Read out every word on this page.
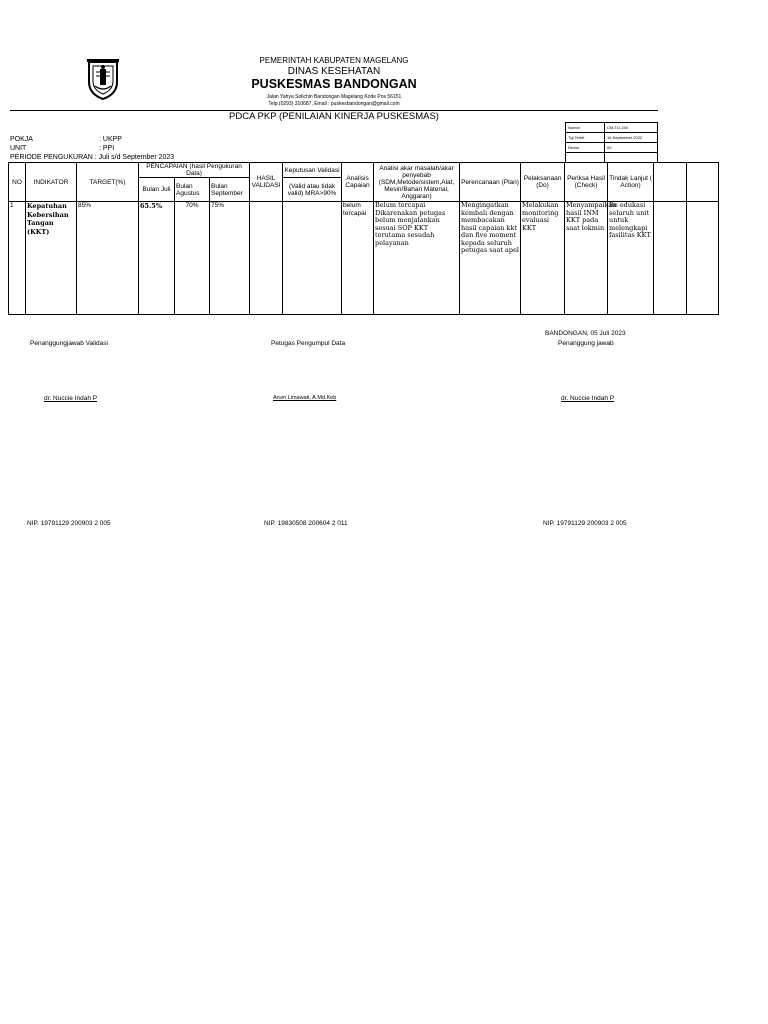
PEMERINTAH KABUPATEN MAGELANG
DINAS KESEHATAN
PUSKESMAS BANDONGAN
Jalan Yahya Solichin Bandongan Magelang Kode Pos 56151
Telp.(0293) 310687, Email : puskesbandongan@gmail.com
PDCA PKP (PENILAIAN KINERJA PUSKESMAS)
Nomor	CM-TU-154
Tgl Terbit	16 September 2022
Revisi	00

POKJA	: UKPP
UNIT	: PPI
PERIODE PENGUKURAN : Juli s/d September 2023
NO	INDIKATOR	TARGET(%)	PENCAPAIAN (hasil Pengukuran Data)			HASIL VALIDASI	Keputusan Validasi	Analisis Capaian	Analisi akar masalah/akar penyebab (SDM,Metode/sistem,Alat, Mesin/Bahan Material, Anggaran)	Perencanaan (Plan)	Pelaksanaan (Do)	Periksa Hasil (Check)	Tindak Lanjut ( Action)		
			Bulan Juli	Bulan Agustus	Bulan September		(Valid atau tidak valid) MRA>90%								
1	Kepatuhan Kebersihan Tangan (KKT)	85%	65.5%	70%	75%			belum tercapai	Belum tercapai Dikarenakan petugas belum menjalankan sesuai SOP KKT terutama sesudah pelayanan	Mengingatkan kembali dengan membacakan hasil capaian kkt dan five moment kepada seluruh petugas saat apel	Melakukan monitoring evaluasi KKT	Menyampaikan hasil INM KKT pada saat lokmin	Re edukasi seluruh unit untuk melengkapi fasilitas KKT		
BANDONGAN, 05 Juli 2023
Penanggungjawab Validasi	Petugas Pengumpul Data	Penanggung jawab
dr. Nuccie Indah P	Arum Limawati, A.Md.Keb	dr. Nuccie Indah P
NIP. 19791129 200903 2 005	NIP. 19830508 200604 2 011	NIP. 19791129 200903 2 005
